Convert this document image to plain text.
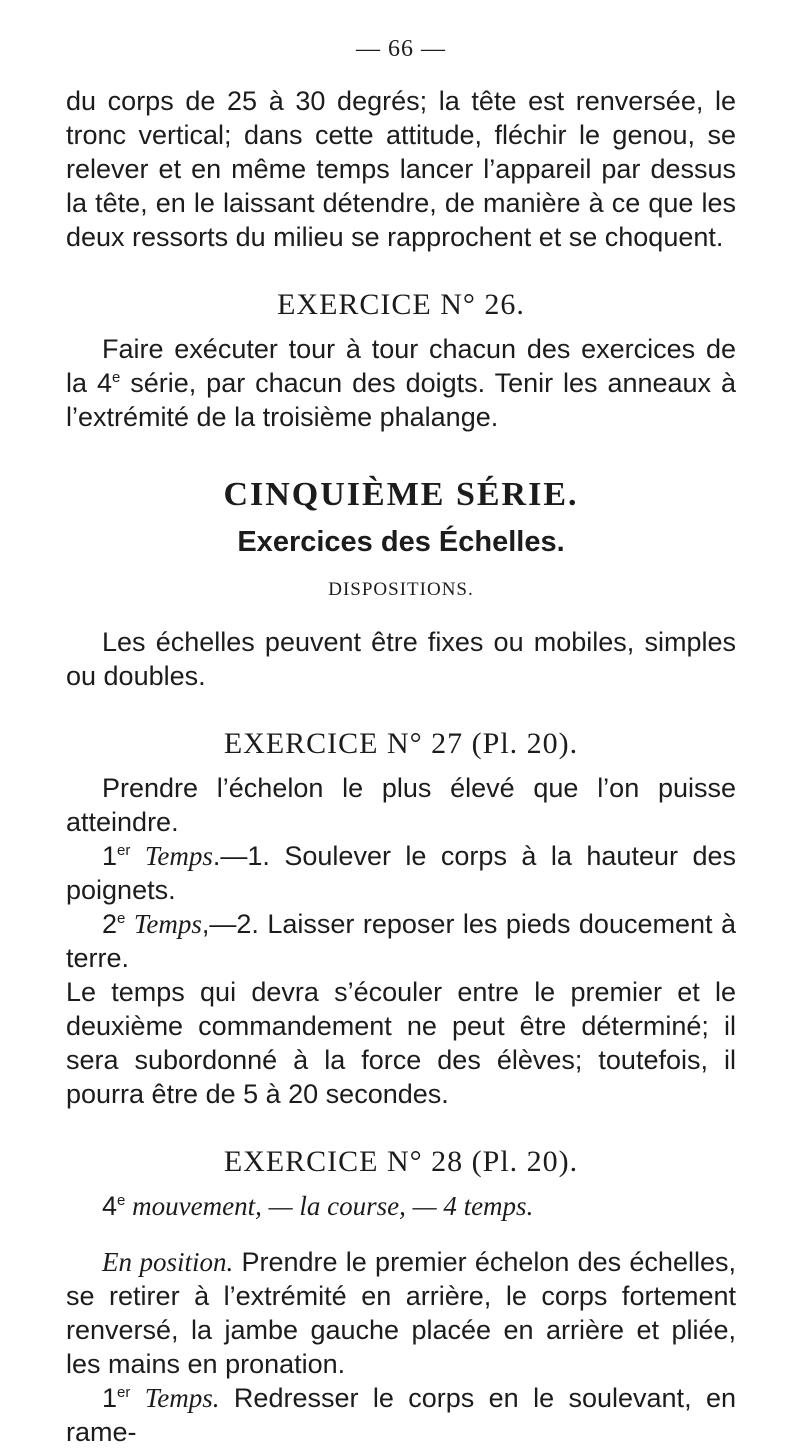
— 66 —

du corps de 25 à 30 degrés; la tête est renversée, le tronc vertical; dans cette attitude, fléchir le genou, se relever et en même temps lancer l’appareil par dessus la tête, en le laissant détendre, de manière à ce que les deux ressorts du milieu se rapprochent et se choquent.

EXERCICE N° 26.

Faire exécuter tour à tour chacun des exercices de la 4e série, par chacun des doigts. Tenir les anneaux à l’extrémité de la troisième phalange.

CINQUIÈME SÉRIE.
Exercices des Échelles.
DISPOSITIONS.

Les échelles peuvent être fixes ou mobiles, simples ou doubles.

EXERCICE N° 27 (Pl. 20).

Prendre l’échelon le plus élevé que l’on puisse atteindre.

1er Temps.—1. Soulever le corps à la hauteur des poignets.

2e Temps,—2. Laisser reposer les pieds doucement à terre.

Le temps qui devra s’écouler entre le premier et le deuxième commandement ne peut être déterminé; il sera subordonné à la force des élèves; toutefois, il pourra être de 5 à 20 secondes.

EXERCICE N° 28 (Pl. 20).

4e mouvement, — la course, — 4 temps.

En position. Prendre le premier échelon des échelles, se retirer à l’extrémité en arrière, le corps fortement renversé, la jambe gauche placée en arrière et pliée, les mains en pronation.

1er Temps. Redresser le corps en le soulevant, en rame-
